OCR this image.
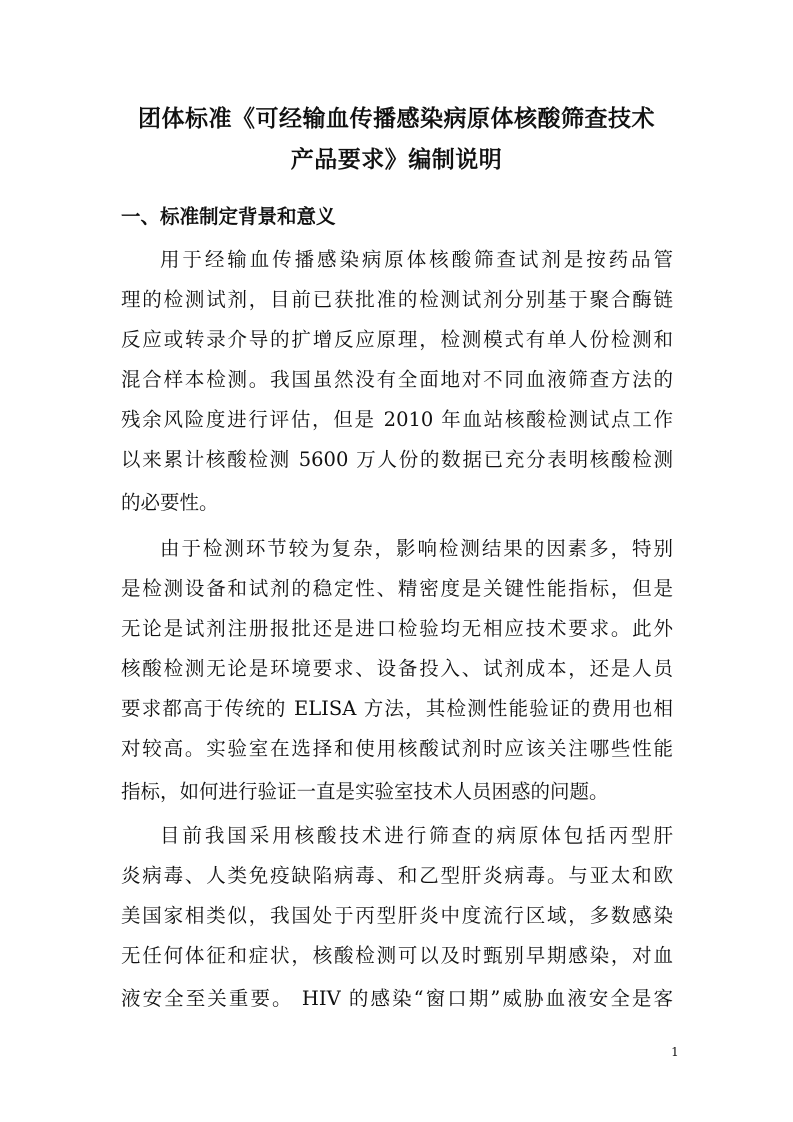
团体标准《可经输血传播感染病原体核酸筛查技术
产品要求》编制说明
一、标准制定背景和意义
用于经输血传播感染病原体核酸筛查试剂是按药品管
理的检测试剂，目前已获批准的检测试剂分别基于聚合酶链
反应或转录介导的扩增反应原理，检测模式有单人份检测和
混合样本检测。我国虽然没有全面地对不同血液筛查方法的
残余风险度进行评估，但是 2010 年血站核酸检测试点工作
以来累计核酸检测 5600 万人份的数据已充分表明核酸检测
的必要性。
由于检测环节较为复杂，影响检测结果的因素多，特别
是检测设备和试剂的稳定性、精密度是关键性能指标，但是
无论是试剂注册报批还是进口检验均无相应技术要求。此外
核酸检测无论是环境要求、设备投入、试剂成本，还是人员
要求都高于传统的 ELISA 方法，其检测性能验证的费用也相
对较高。实验室在选择和使用核酸试剂时应该关注哪些性能
指标，如何进行验证一直是实验室技术人员困惑的问题。
目前我国采用核酸技术进行筛查的病原体包括丙型肝
炎病毒、人类免疫缺陷病毒、和乙型肝炎病毒。与亚太和欧
美国家相类似，我国处于丙型肝炎中度流行区域，多数感染
无任何体征和症状，核酸检测可以及时甄别早期感染，对血
液安全至关重要。 HIV 的感染“窗口期”威胁血液安全是客
1
